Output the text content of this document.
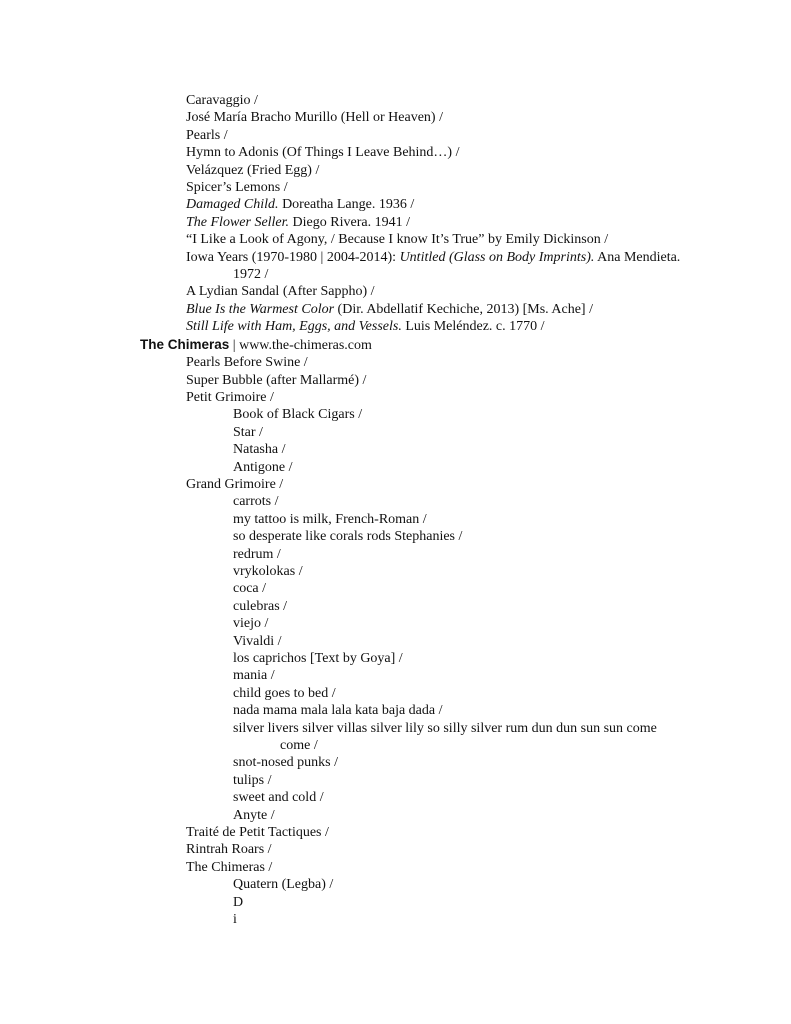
Caravaggio /
José María Bracho Murillo (Hell or Heaven) /
Pearls /
Hymn to Adonis (Of Things I Leave Behind…) /
Velázquez (Fried Egg) /
Spicer’s Lemons /
Damaged Child. Doreatha Lange. 1936 /
The Flower Seller. Diego Rivera. 1941 /
“I Like a Look of Agony, / Because I know It’s True” by Emily Dickinson /
Iowa Years (1970-1980 | 2004-2014): Untitled (Glass on Body Imprints). Ana Mendieta.
1972 /
A Lydian Sandal (After Sappho) /
Blue Is the Warmest Color (Dir. Abdellatif Kechiche, 2013) [Ms. Ache] /
Still Life with Ham, Eggs, and Vessels. Luis Meléndez. c. 1770 /
The Chimeras | www.the-chimeras.com
Pearls Before Swine /
Super Bubble (after Mallarmé) /
Petit Grimoire /
Book of Black Cigars /
Star /
Natasha /
Antigone /
Grand Grimoire /
carrots /
my tattoo is milk, French-Roman /
so desperate like corals rods Stephanies /
redrum /
vrykolokas /
coca /
culebras /
viejo /
Vivaldi /
los caprichos [Text by Goya] /
mania /
child goes to bed /
nada mama mala lala kata baja dada /
silver livers silver villas silver lily so silly silver rum dun dun sun sun come
come /
snot-nosed punks /
tulips /
sweet and cold /
Anyte /
Traité de Petit Tactiques /
Rintrah Roars /
The Chimeras /
Quatern (Legba) /
D
i
